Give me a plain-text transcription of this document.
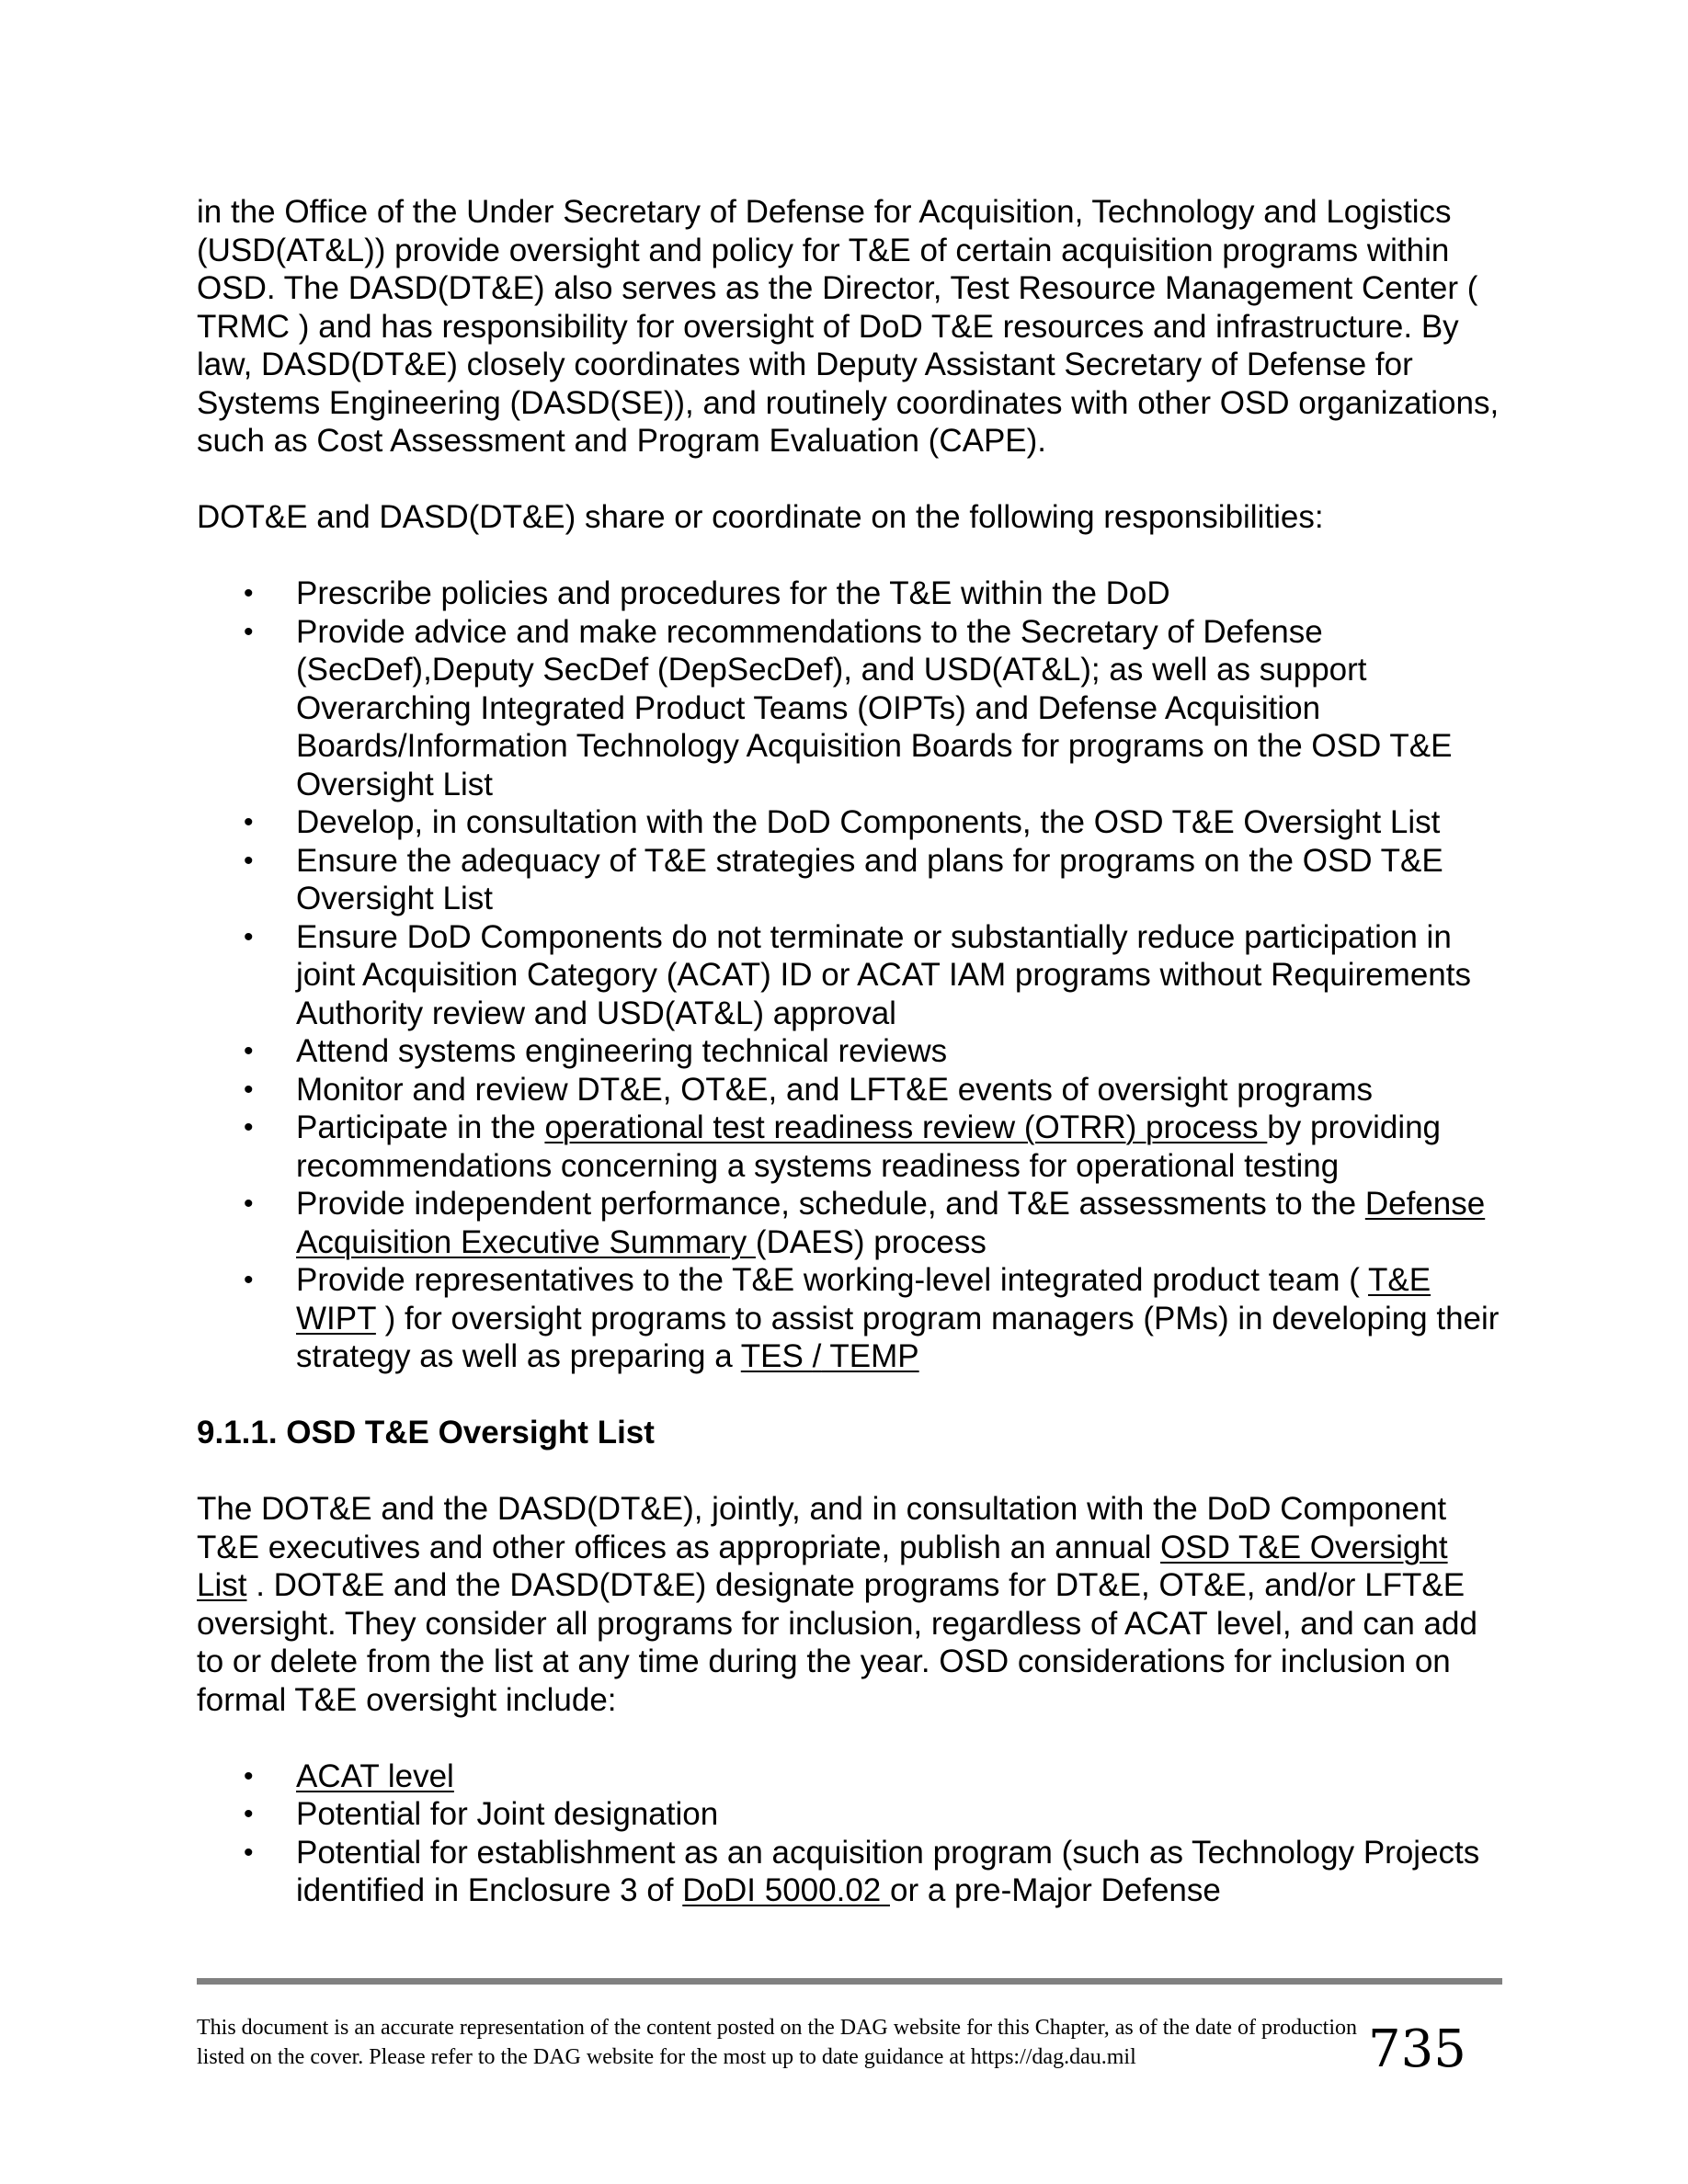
in the Office of the Under Secretary of Defense for Acquisition, Technology and Logistics (USD(AT&L)) provide oversight and policy for T&E of certain acquisition programs within OSD. The DASD(DT&E) also serves as the Director, Test Resource Management Center ( TRMC ) and has responsibility for oversight of DoD T&E resources and infrastructure. By law, DASD(DT&E) closely coordinates with Deputy Assistant Secretary of Defense for Systems Engineering (DASD(SE)), and routinely coordinates with other OSD organizations, such as Cost Assessment and Program Evaluation (CAPE).

DOT&E and DASD(DT&E) share or coordinate on the following responsibilities:

• Prescribe policies and procedures for the T&E within the DoD
• Provide advice and make recommendations to the Secretary of Defense (SecDef),Deputy SecDef (DepSecDef), and USD(AT&L); as well as support Overarching Integrated Product Teams (OIPTs) and Defense Acquisition Boards/Information Technology Acquisition Boards for programs on the OSD T&E Oversight List
• Develop, in consultation with the DoD Components, the OSD T&E Oversight List
• Ensure the adequacy of T&E strategies and plans for programs on the OSD T&E Oversight List
• Ensure DoD Components do not terminate or substantially reduce participation in joint Acquisition Category (ACAT) ID or ACAT IAM programs without Requirements Authority review and USD(AT&L) approval
• Attend systems engineering technical reviews
• Monitor and review DT&E, OT&E, and LFT&E events of oversight programs
• Participate in the operational test readiness review (OTRR) process by providing recommendations concerning a systems readiness for operational testing
• Provide independent performance, schedule, and T&E assessments to the Defense Acquisition Executive Summary (DAES) process
• Provide representatives to the T&E working-level integrated product team ( T&E WIPT ) for oversight programs to assist program managers (PMs) in developing their strategy as well as preparing a TES / TEMP
9.1.1. OSD T&E Oversight List

The DOT&E and the DASD(DT&E), jointly, and in consultation with the DoD Component T&E executives and other offices as appropriate, publish an annual OSD T&E Oversight List . DOT&E and the DASD(DT&E) designate programs for DT&E, OT&E, and/or LFT&E oversight. They consider all programs for inclusion, regardless of ACAT level, and can add to or delete from the list at any time during the year. OSD considerations for inclusion on formal T&E oversight include:

• ACAT level
• Potential for Joint designation
• Potential for establishment as an acquisition program (such as Technology Projects identified in Enclosure 3 of DoDI 5000.02 or a pre-Major Defense
This document is an accurate representation of the content posted on the DAG website for this Chapter, as of the date of production listed on the cover. Please refer to the DAG website for the most up to date guidance at https://dag.dau.mil	735
